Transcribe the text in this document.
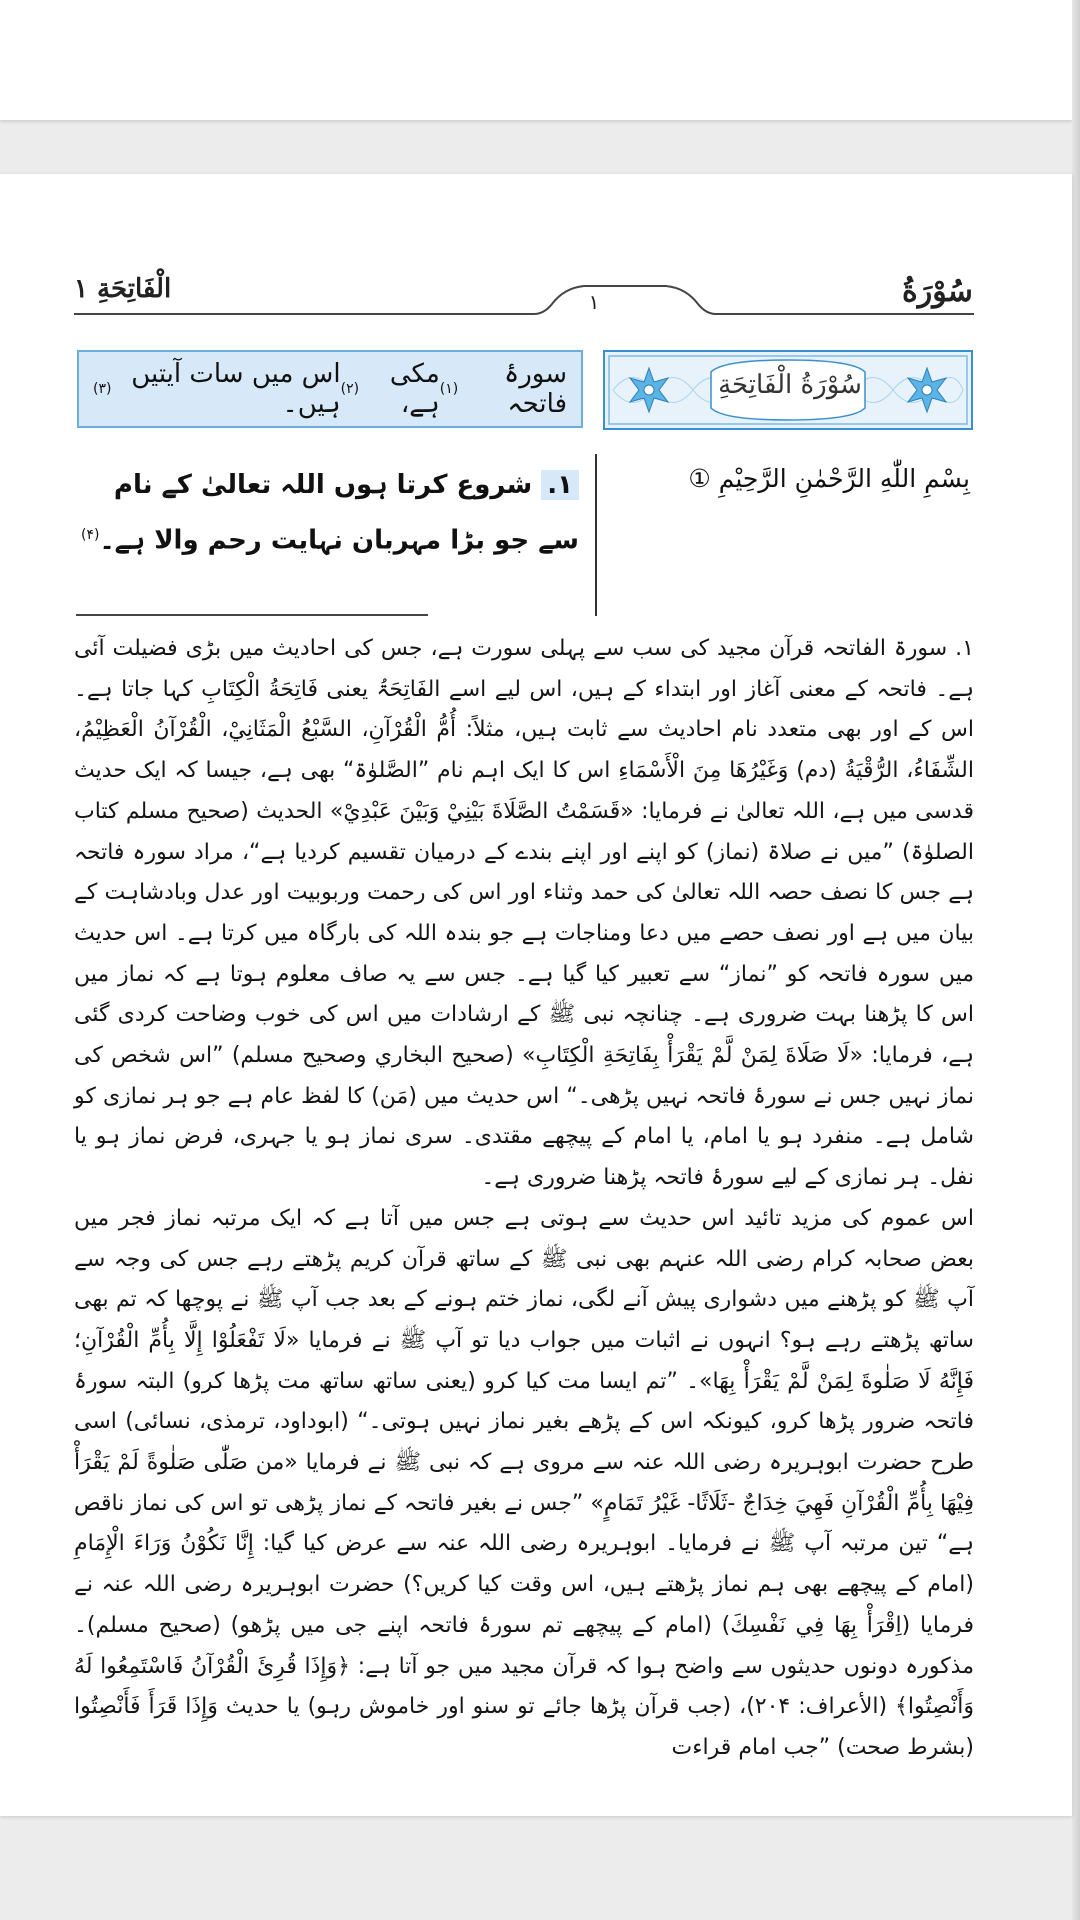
الْفَاتِحَةِ ۱	سُوْرَةُ
۱
سُوْرَةُ الْفَاتِحَةِ
سورۂ فاتحہ
(۱)
مکی ہے،
(۲)
اس میں سات آیتیں ہیں۔
(۳)
بِسْمِ اللّٰهِ الرَّحْمٰنِ الرَّحِيْمِ ①
۱. شروع کرتا ہوں اللہ تعالیٰ کے نام سے جو بڑا مہربان نہایت رحم والا ہے۔$^{(۴)}$

۱. سورۃ الفاتحہ قرآن مجید کی سب سے پہلی سورت ہے، جس کی احادیث میں بڑی فضیلت آئی ہے۔ فاتحہ کے معنی آغاز اور ابتداء کے ہیں، اس لیے اسے الفَاتِحَۃُ یعنی فَاتِحَةُ الْكِتَابِ کہا جاتا ہے۔ اس کے اور بھی متعدد نام احادیث سے ثابت ہیں، مثلاً: أُمُّ الْقُرْآنِ، السَّبْعُ الْمَثَانِيْ، الْقُرْآنُ الْعَظِيْمُ، الشِّفَاءُ، الرُّقْيَةُ (دم) وَغَيْرُهَا مِنَ الْأَسْمَاءِ اس کا ایک اہم نام ”الصَّلوٰۃ“ بھی ہے، جیسا کہ ایک حدیث قدسی میں ہے، اللہ تعالیٰ نے فرمایا: «قَسَمْتُ الصَّلَاةَ بَيْنِيْ وَبَيْنَ عَبْدِيْ» الحدیث (صحیح مسلم کتاب الصلوٰۃ) ”میں نے صلاۃ (نماز) کو اپنے اور اپنے بندے کے درمیان تقسیم کردیا ہے“، مراد سورہ فاتحہ ہے جس کا نصف حصہ اللہ تعالیٰ کی حمد وثناء اور اس کی رحمت وربوبیت اور عدل وبادشاہت کے بیان میں ہے اور نصف حصے میں دعا ومناجات ہے جو بندہ اللہ کی بارگاہ میں کرتا ہے۔ اس حدیث میں سورہ فاتحہ کو ”نماز“ سے تعبیر کیا گیا ہے۔ جس سے یہ صاف معلوم ہوتا ہے کہ نماز میں اس کا پڑھنا بہت ضروری ہے۔ چنانچہ نبی ﷺ کے ارشادات میں اس کی خوب وضاحت کردی گئی ہے، فرمایا: «لَا صَلَاةَ لِمَنْ لَّمْ يَقْرَأْ بِفَاتِحَةِ الْكِتَابِ» (صحیح البخاري وصحیح مسلم) ”اس شخص کی نماز نہیں جس نے سورۂ فاتحہ نہیں پڑھی۔“ اس حدیث میں (مَن) کا لفظ عام ہے جو ہر نمازی کو شامل ہے۔ منفرد ہو یا امام، یا امام کے پیچھے مقتدی۔ سری نماز ہو یا جہری، فرض نماز ہو یا نفل۔ ہر نمازی کے لیے سورۂ فاتحہ پڑھنا ضروری ہے۔

اس عموم کی مزید تائید اس حدیث سے ہوتی ہے جس میں آتا ہے کہ ایک مرتبہ نماز فجر میں بعض صحابہ کرام رضی اللہ عنہم بھی نبی ﷺ کے ساتھ قرآن کریم پڑھتے رہے جس کی وجہ سے آپ ﷺ کو پڑھنے میں دشواری پیش آنے لگی، نماز ختم ہونے کے بعد جب آپ ﷺ نے پوچھا کہ تم بھی ساتھ پڑھتے رہے ہو؟ انہوں نے اثبات میں جواب دیا تو آپ ﷺ نے فرمایا «لَا تَفْعَلُوْا إِلَّا بِأُمِّ الْقُرْآنِ؛ فَإِنَّهُ لَا صَلٰوةَ لِمَنْ لَّمْ يَقْرَأْ بِهَا»۔ ”تم ایسا مت کیا کرو (یعنی ساتھ ساتھ مت پڑھا کرو) البتہ سورۂ فاتحہ ضرور پڑھا کرو، کیونکہ اس کے پڑھے بغیر نماز نہیں ہوتی۔“ (ابوداود، ترمذی، نسائی) اسی طرح حضرت ابوہریرہ رضی اللہ عنہ سے مروی ہے کہ نبی ﷺ نے فرمایا «من صَلّٰى صَلٰوةً لَمْ يَقْرَأْ فِيْهَا بِأُمِّ الْقُرْآنِ فَهِيَ خِدَاجٌ -ثَلَاثًا- غَيْرُ تَمَامٍ» ”جس نے بغیر فاتحہ کے نماز پڑھی تو اس کی نماز ناقص ہے“ تین مرتبہ آپ ﷺ نے فرمایا۔ ابوہریرہ رضی اللہ عنہ سے عرض کیا گیا: إِنَّا نَكُوْنُ وَرَاءَ الْإِمَامِ (امام کے پیچھے بھی ہم نماز پڑھتے ہیں، اس وقت کیا کریں؟) حضرت ابوہریرہ رضی اللہ عنہ نے فرمایا (اِقْرَأْ بِهَا فِي نَفْسِكَ) (امام کے پیچھے تم سورۂ فاتحہ اپنے جی میں پڑھو) (صحیح مسلم)۔ مذکورہ دونوں حدیثوں سے واضح ہوا کہ قرآن مجید میں جو آتا ہے: ﴿وَإِذَا قُرِئَ الْقُرْآنُ فَاسْتَمِعُوا لَهُ وَأَنْصِتُوا﴾ (الأعراف: ۲۰۴)، (جب قرآن پڑھا جائے تو سنو اور خاموش رہو) یا حدیث وَإِذَا قَرَأَ فَأَنْصِتُوا (بشرط صحت) ”جب امام قراءت
